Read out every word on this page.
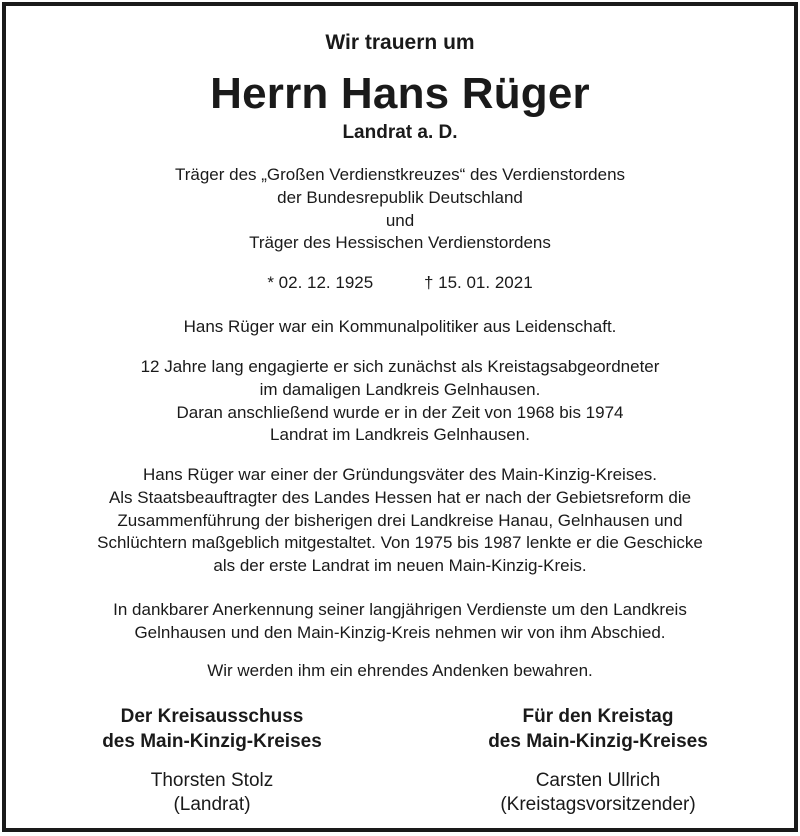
Wir trauern um
Herrn Hans Rüger
Landrat a. D.
Träger des „Großen Verdienstkreuzes“ des Verdienstordens
der Bundesrepublik Deutschland
und
Träger des Hessischen Verdienstordens
* 02. 12. 1925	† 15. 01. 2021
Hans Rüger war ein Kommunalpolitiker aus Leidenschaft.
12 Jahre lang engagierte er sich zunächst als Kreistagsabgeordneter
im damaligen Landkreis Gelnhausen.
Daran anschließend wurde er in der Zeit von 1968 bis 1974
Landrat im Landkreis Gelnhausen.
Hans Rüger war einer der Gründungsväter des Main-Kinzig-Kreises.
Als Staatsbeauftragter des Landes Hessen hat er nach der Gebietsreform die
Zusammenführung der bisherigen drei Landkreise Hanau, Gelnhausen und
Schlüchtern maßgeblich mitgestaltet. Von 1975 bis 1987 lenkte er die Geschicke
als der erste Landrat im neuen Main-Kinzig-Kreis.
In dankbarer Anerkennung seiner langjährigen Verdienste um den Landkreis
Gelnhausen und den Main-Kinzig-Kreis nehmen wir von ihm Abschied.
Wir werden ihm ein ehrendes Andenken bewahren.
Der Kreisausschuss
des Main-Kinzig-Kreises
Thorsten Stolz
(Landrat)
Für den Kreistag
des Main-Kinzig-Kreises
Carsten Ullrich
(Kreistagsvorsitzender)
